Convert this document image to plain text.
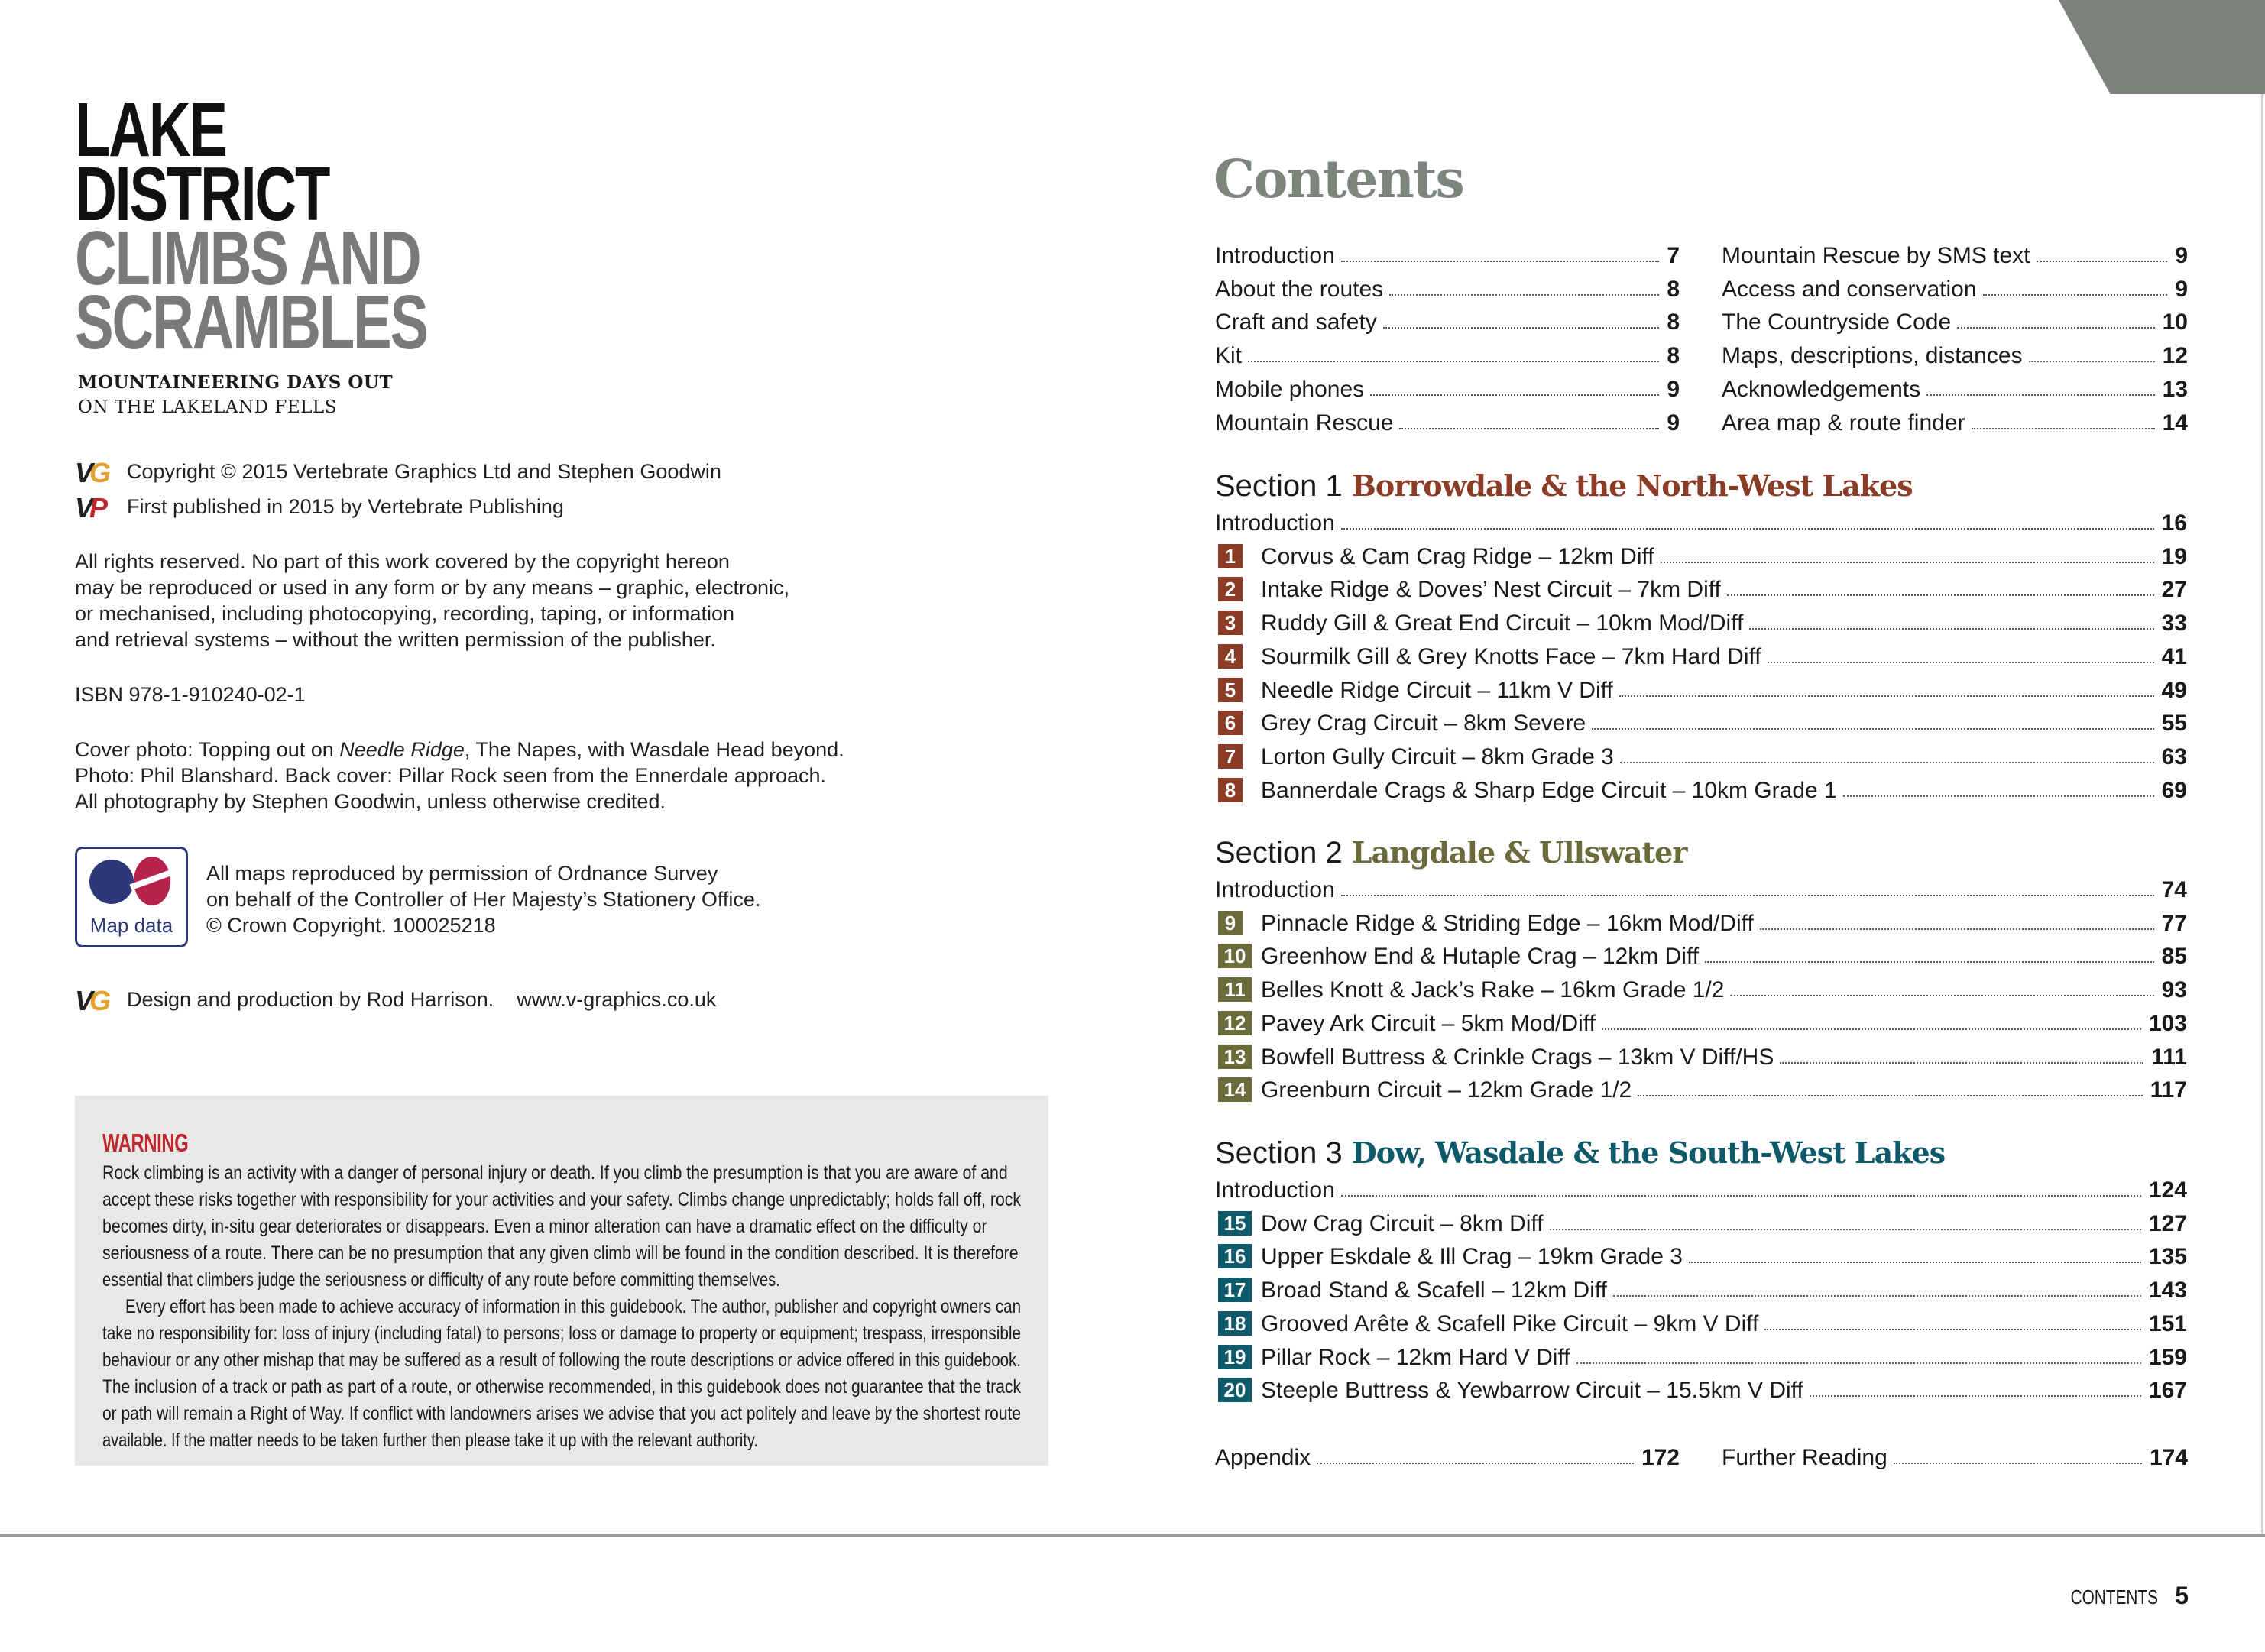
LAKE
DISTRICT
CLIMBS AND
SCRAMBLES
MOUNTAINEERING DAYS OUT
ON THE LAKELAND FELLS
VG Copyright © 2015 Vertebrate Graphics Ltd and Stephen Goodwin
VP First published in 2015 by Vertebrate Publishing
All rights reserved. No part of this work covered by the copyright hereon
may be reproduced or used in any form or by any means – graphic, electronic,
or mechanised, including photocopying, recording, taping, or information
and retrieval systems – without the written permission of the publisher.
ISBN 978-1-910240-02-1
Cover photo: Topping out on Needle Ridge, The Napes, with Wasdale Head beyond.
Photo: Phil Blanshard. Back cover: Pillar Rock seen from the Ennerdale approach.
All photography by Stephen Goodwin, unless otherwise credited.
Map data
All maps reproduced by permission of Ordnance Survey
on behalf of the Controller of Her Majesty’s Stationery Office.
© Crown Copyright. 100025218
VG Design and production by Rod Harrison. www.v-graphics.co.uk
WARNING
Rock climbing is an activity with a danger of personal injury or death. If you climb the presumption is that you are aware of and
accept these risks together with responsibility for your activities and your safety. Climbs change unpredictably; holds fall off, rock
becomes dirty, in-situ gear deteriorates or disappears. Even a minor alteration can have a dramatic effect on the difficulty or
seriousness of a route. There can be no presumption that any given climb will be found in the condition described. It is therefore
essential that climbers judge the seriousness or difficulty of any route before committing themselves.
Every effort has been made to achieve accuracy of information in this guidebook. The author, publisher and copyright owners can
take no responsibility for: loss of injury (including fatal) to persons; loss or damage to property or equipment; trespass, irresponsible
behaviour or any other mishap that may be suffered as a result of following the route descriptions or advice offered in this guidebook.
The inclusion of a track or path as part of a route, or otherwise recommended, in this guidebook does not guarantee that the track
or path will remain a Right of Way. If conflict with landowners arises we advise that you act politely and leave by the shortest route
available. If the matter needs to be taken further then please take it up with the relevant authority.
Contents
Introduction	7
About the routes	8
Craft and safety	8
Kit	8
Mobile phones	9
Mountain Rescue	9
Mountain Rescue by SMS text	9
Access and conservation	9
The Countryside Code	10
Maps, descriptions, distances	12
Acknowledgements	13
Area map & route finder	14
Section 1 Borrowdale & the North-West Lakes
Introduction	16
1 Corvus & Cam Crag Ridge – 12km Diff	19
2 Intake Ridge & Doves’ Nest Circuit – 7km Diff	27
3 Ruddy Gill & Great End Circuit – 10km Mod/Diff	33
4 Sourmilk Gill & Grey Knotts Face – 7km Hard Diff	41
5 Needle Ridge Circuit – 11km V Diff	49
6 Grey Crag Circuit – 8km Severe	55
7 Lorton Gully Circuit – 8km Grade 3	63
8 Bannerdale Crags & Sharp Edge Circuit – 10km Grade 1	69
Section 2 Langdale & Ullswater
Introduction	74
9 Pinnacle Ridge & Striding Edge – 16km Mod/Diff	77
10 Greenhow End & Hutaple Crag – 12km Diff	85
11 Belles Knott & Jack’s Rake – 16km Grade 1/2	93
12 Pavey Ark Circuit – 5km Mod/Diff	103
13 Bowfell Buttress & Crinkle Crags – 13km V Diff/HS	111
14 Greenburn Circuit – 12km Grade 1/2	117
Section 3 Dow, Wasdale & the South-West Lakes
Introduction	124
15 Dow Crag Circuit – 8km Diff	127
16 Upper Eskdale & Ill Crag – 19km Grade 3	135
17 Broad Stand & Scafell – 12km Diff	143
18 Grooved Arête & Scafell Pike Circuit – 9km V Diff	151
19 Pillar Rock – 12km Hard V Diff	159
20 Steeple Buttress & Yewbarrow Circuit – 15.5km V Diff	167
Appendix	172 Further Reading	174
CONTENTS 5
